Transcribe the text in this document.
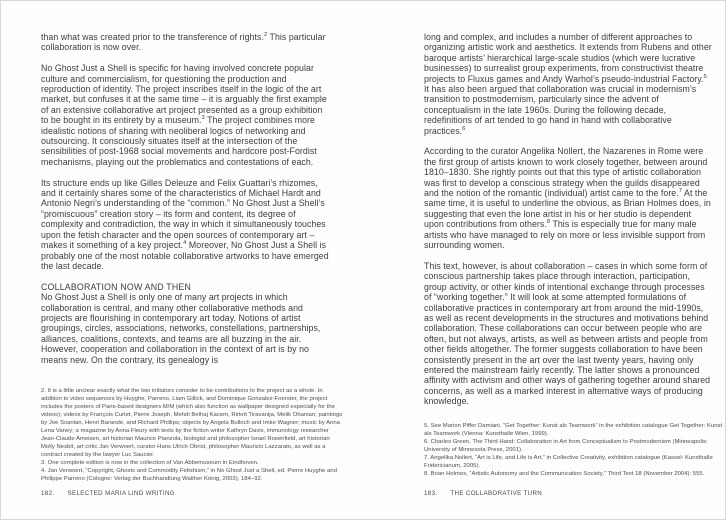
than what was created prior to the transference of rights.$^2$ This particular collaboration is now over.

No Ghost Just a Shell is specific for having involved concrete popular culture and commercialism, for questioning the production and reproduction of identity. The project inscribes itself in the logic of the art market, but confuses it at the same time – it is arguably the first example of an extensive collaborative art project presented as a group exhibition to be bought in its entirety by a museum.$^3$ The project combines more idealistic notions of sharing with neoliberal logics of networking and outsourcing. It consciously situates itself at the intersection of the sensibilities of post-1968 social movements and hardcore post-Fordist mechanisms, playing out the problematics and contestations of each.

Its structure ends up like Gilles Deleuze and Felix Guattari’s rhizomes, and it certainly shares some of the characteristics of Michael Hardt and Antonio Negri’s understanding of the “common.” No Ghost Just a Shell’s “promiscuous” creation story – its form and content, its degree of complexity and contradiction, the way in which it simultaneously touches upon the fetish character and the open sources of contemporary art – makes it something of a key project.$^4$ Moreover, No Ghost Just a Shell is probably one of the most notable collaborative artworks to have emerged the last decade.

COLLABORATION NOW AND THEN

No Ghost Just a Shell is only one of many art projects in which collaboration is central, and many other collaborative methods and projects are flourishing in contemporary art today. Notions of artist groupings, circles, associations, networks, constellations, partnerships, alliances, coalitions, contexts, and teams are all buzzing in the air. However, cooperation and collaboration in the context of art is by no means new. On the contrary, its genealogy is

2. It is a little unclear exactly what the two initiators consider to be contributions to the project as a whole. In addition to video sequences by Huyghe, Parreno, Liam Gillick, and Dominique Gonzalez-Foerster, the project includes the posters of Paris-based designers M/M (which also function as wallpaper designed especially for the videos); videos by François Curlet, Pierre Joseph, Mehdi Belhaj Kacem, Rirkrit Tiravanija, Melik Ohanian; paintings by Joe Scanlan, Henri Barande, and Richard Phillips; objects by Angela Bulloch and Imke Wagner; music by Anna Lena Vaney; a magazine by Anna Fleury with texts by the fiction writer Kathryn Davis, immunology researcher Jean-Claude Ameisen, art historian Maurice Pianzola, biologist and philosopher Israel Rosenfield, art historian Molly Nesbit, art critic Jan Verwoert, curator Hans Ulrich Obrist, philosopher Maurizio Lazzarato, as well as a contract created by the lawyer Luc Saucier.

3. One complete edition is now in the collection of Van Abbemuseum in Eindhoven.

4. Jan Verwoert, “Copyright, Ghosts and Commodity Fetishism,” in No Ghost Just a Shell, ed. Pierre Huyghe and Philippe Parreno (Cologne: Verlag der Buchhandlung Walther König, 2003), 184–92.

182. SELECTED MARIA LIND WRITING

long and complex, and includes a number of different approaches to organizing artistic work and aesthetics. It extends from Rubens and other baroque artists’ hierarchical large-scale studios (which were lucrative businesses) to surrealist group experiments, from constructivist theatre projects to Fluxus games and Andy Warhol’s pseudo-industrial Factory.$^5$ It has also been argued that collaboration was crucial in modernism’s transition to postmodernism, particularly since the advent of conceptualism in the late 1960s. During the following decade, redefinitions of art tended to go hand in hand with collaborative practices.$^6$

According to the curator Angelika Nollert, the Nazarenes in Rome were the first group of artists known to work closely together, between around 1810–1830. She rightly points out that this type of artistic collaboration was first to develop a conscious strategy when the guilds disappeared and the notion of the romantic (individual) artist came to the fore.$^7$ At the same time, it is useful to underline the obvious, as Brian Holmes does, in suggesting that even the lone artist in his or her studio is dependent upon contributions from others.$^8$ This is especially true for many male artists who have managed to rely on more or less invisible support from surrounding women.

This text, however, is about collaboration – cases in which some form of conscious partnership takes place through interaction, participation, group activity, or other kinds of intentional exchange through processes of “working together.” It will look at some attempted formulations of collaborative practices in contemporary art from around the mid-1990s, as well as recent developments in the structures and motivations behind collaboration. These collaborations can occur between people who are often, but not always, artists, as well as between artists and people from other fields altogether. The former suggests collaboration to have been consistently present in the art over the last twenty years, having only entered the mainstream fairly recently. The latter shows a pronounced affinity with activism and other ways of gathering together around shared concerns, as well as a marked interest in alternative ways of producing knowledge.

5. See Marion Piffer Damiani, “Get Together: Kunst als Teamwork” in the exhibition catalogue Get Together: Kunst als Teamwork (Vienna: Kunsthalle Wien, 1999).

6. Charles Green, The Third Hand: Collaboration in Art from Conceptualism to Postmodernism (Minneapolis: University of Minnesota Press, 2001).

7. Angelika Nollert, “Art is Life, and Life is Art,” in Collective Creativity, exhibition catalogue (Kassel: Kunsthalle Fridericianum, 2005).

8. Brian Holmes, “Artistic Autonomy and the Communication Society,” Third Text 18 (November 2004): 555.

183. THE COLLABORATIVE TURN
